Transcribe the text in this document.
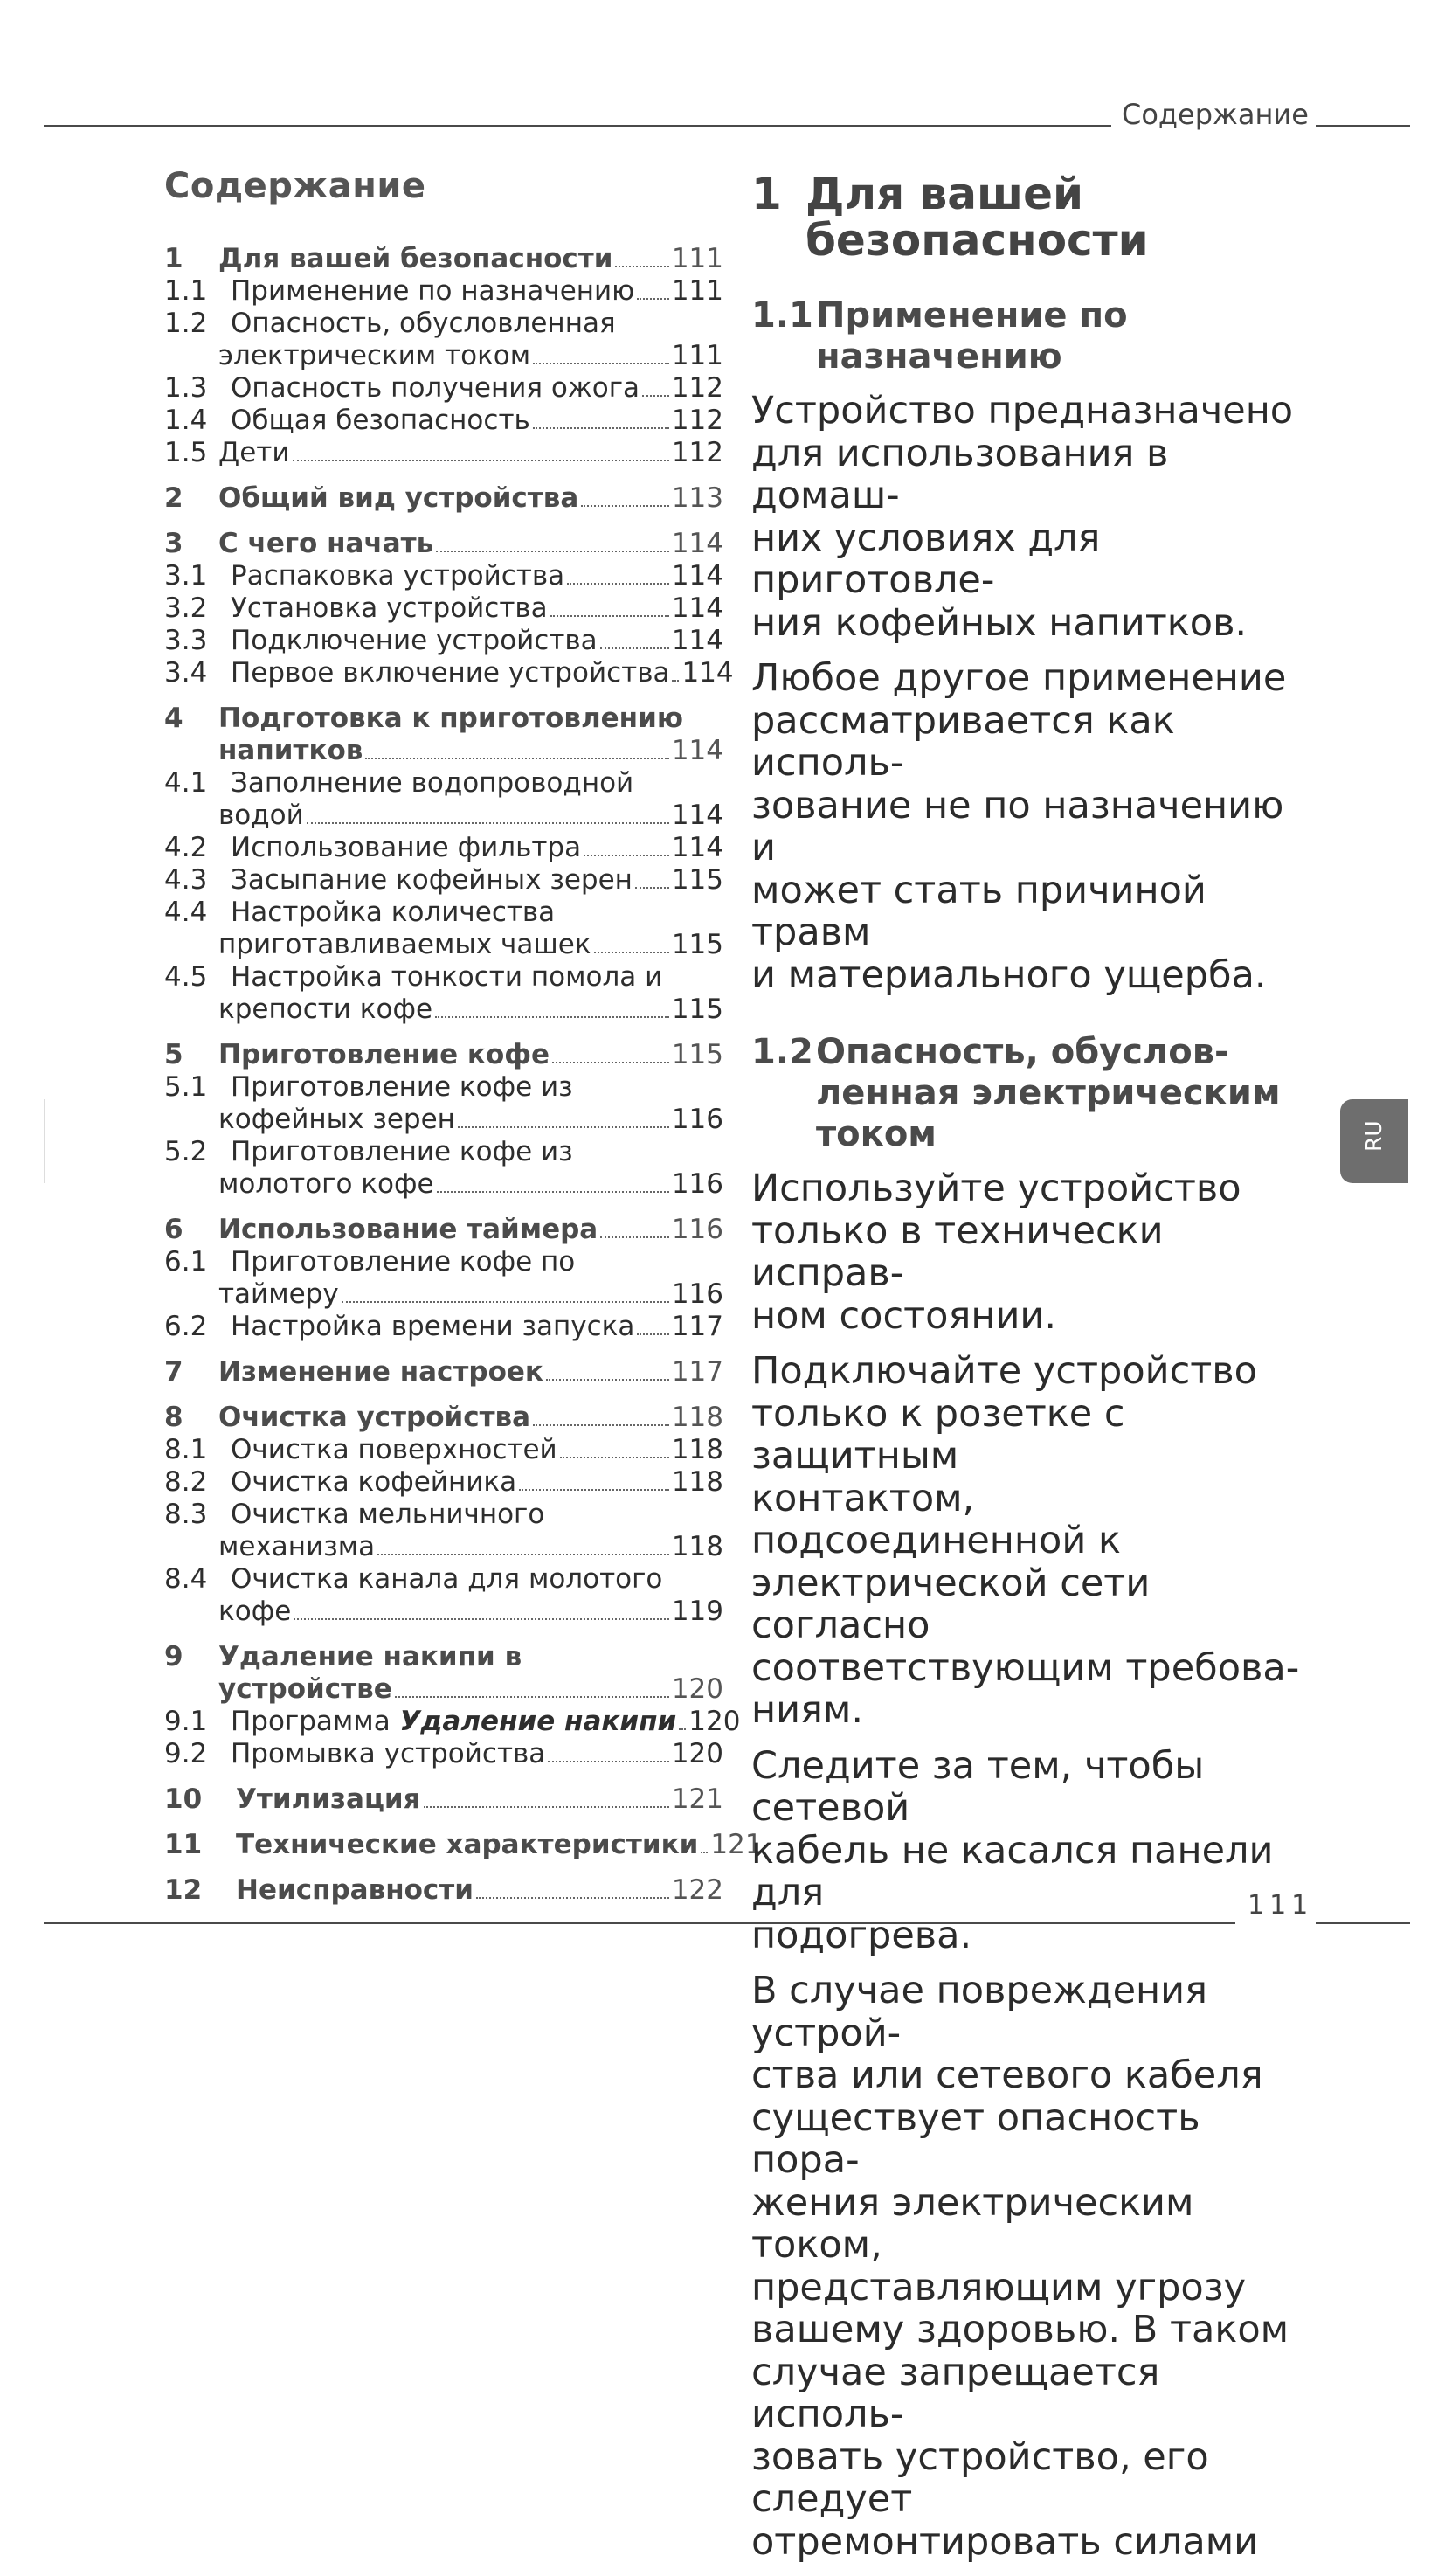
Содержание
111
RU
Содержание
1 Для вашей безопасности 111
1.1 Применение по назначению 111
1.2 Опасность, обусловленная
электрическим током	111
1.3 Опасность получения ожога 112
1.4 Общая безопасность	112
1.5 Дети	112
2 Общий вид устройства	113
3 С чего начать	114
3.1 Распаковка устройства	114
3.2 Установка устройства	114
3.3 Подключение устройства	114
3.4 Первое включение устройства 114
4 Подготовка к приготовлению
напитков	114
4.1 Заполнение водопроводной
водой	114
4.2 Использование фильтра	114
4.3 Засыпание кофейных зерен 115
4.4 Настройка количества
приготавливаемых чашек	115
4.5 Настройка тонкости помола и
крепости кофе	115
5 Приготовление кофе	115
5.1 Приготовление кофе из
кофейных зерен	116
5.2 Приготовление кофе из
молотого кофе	116
6 Использование таймера	116
6.1 Приготовление кофе по
таймеру	116
6.2 Настройка времени запуска 117
7 Изменение настроек	117
8 Очистка устройства	118
8.1 Очистка поверхностей	118
8.2 Очистка кофейника	118
8.3 Очистка мельничного
механизма	118
8.4 Очистка канала для молотого
кофе	119
9 Удаление накипи в
устройстве	120
9.1 Программа Удаление накипи 120
9.2 Промывка устройства	120
10 Утилизация	121
11 Технические характеристики 121
12 Неисправности	122
1 Для вашей
безопасности
1.1 Применение по назначению
Устройство предназначено
для использования в домаш-
них условиях для приготовле-
ния кофейных напитков.
Любое другое применение
рассматривается как исполь-
зование не по назначению и
может стать причиной травм
и материального ущерба.
1.2 Опасность, обуслов-
ленная электрическим
током
Используйте устройство
только в технически исправ-
ном состоянии.
Подключайте устройство
только к розетке с защитным
контактом, подсоединенной к
электрической сети согласно
соответствующим требова-
ниям.
Следите за тем, чтобы сетевой
кабель не касался панели для
подогрева.
В случае повреждения устрой-
ства или сетевого кабеля
существует опасность пора-
жения электрическим током,
представляющим угрозу
вашему здоровью. В таком
случае запрещается исполь-
зовать устройство, его следует
отремонтировать силами
